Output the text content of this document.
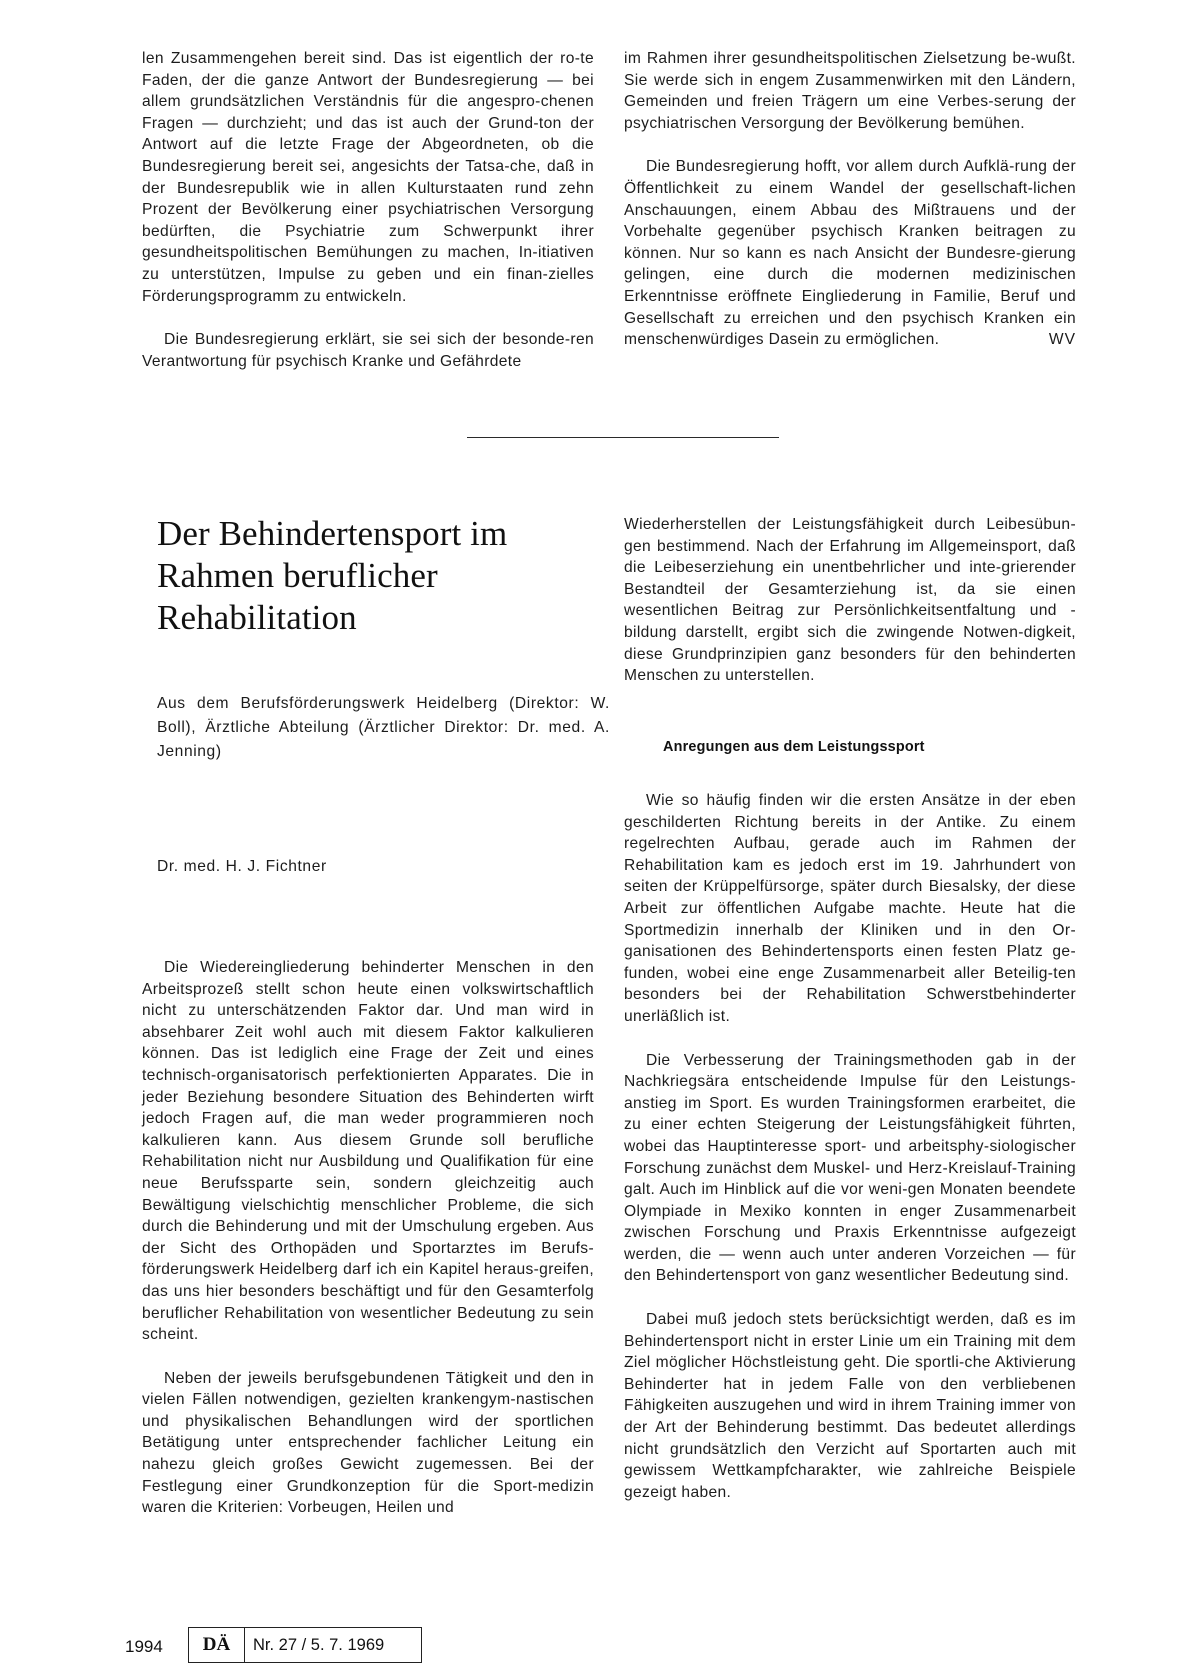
len Zusammengehen bereit sind. Das ist eigentlich der ro-te Faden, der die ganze Antwort der Bundesregierung — bei allem grundsätzlichen Verständnis für die angespro-chenen Fragen — durchzieht; und das ist auch der Grund-ton der Antwort auf die letzte Frage der Abgeordneten, ob die Bundesregierung bereit sei, angesichts der Tatsa-che, daß in der Bundesrepublik wie in allen Kulturstaaten rund zehn Prozent der Bevölkerung einer psychiatrischen Versorgung bedürften, die Psychiatrie zum Schwerpunkt ihrer gesundheitspolitischen Bemühungen zu machen, In-itiativen zu unterstützen, Impulse zu geben und ein finan-zielles Förderungsprogramm zu entwickeln.

Die Bundesregierung erklärt, sie sei sich der besonde-ren Verantwortung für psychisch Kranke und Gefährdete

im Rahmen ihrer gesundheitspolitischen Zielsetzung be-wußt. Sie werde sich in engem Zusammenwirken mit den Ländern, Gemeinden und freien Trägern um eine Verbes-serung der psychiatrischen Versorgung der Bevölkerung bemühen.

Die Bundesregierung hofft, vor allem durch Aufklä-rung der Öffentlichkeit zu einem Wandel der gesellschaft-lichen Anschauungen, einem Abbau des Mißtrauens und der Vorbehalte gegenüber psychisch Kranken beitragen zu können. Nur so kann es nach Ansicht der Bundesre-gierung gelingen, eine durch die modernen medizinischen Erkenntnisse eröffnete Eingliederung in Familie, Beruf und Gesellschaft zu erreichen und den psychisch Kranken ein menschenwürdiges Dasein zu ermöglichen.	WV

Der Behindertensport im Rahmen beruflicher Rehabilitation

Aus dem Berufsförderungswerk Heidelberg (Direktor: W. Boll), Ärztliche Abteilung (Ärztlicher Direktor: Dr. med. A. Jenning)

Dr. med. H. J. Fichtner

Die Wiedereingliederung behinderter Menschen in den Arbeitsprozeß stellt schon heute einen volkswirtschaftlich nicht zu unterschätzenden Faktor dar. Und man wird in absehbarer Zeit wohl auch mit diesem Faktor kalkulieren können. Das ist lediglich eine Frage der Zeit und eines technisch-organisatorisch perfektionierten Apparates. Die in jeder Beziehung besondere Situation des Behinderten wirft jedoch Fragen auf, die man weder programmieren noch kalkulieren kann. Aus diesem Grunde soll berufliche Rehabilitation nicht nur Ausbildung und Qualifikation für eine neue Berufssparte sein, sondern gleichzeitig auch Bewältigung vielschichtig menschlicher Probleme, die sich durch die Behinderung und mit der Umschulung ergeben. Aus der Sicht des Orthopäden und Sportarztes im Berufs-förderungswerk Heidelberg darf ich ein Kapitel heraus-greifen, das uns hier besonders beschäftigt und für den Gesamterfolg beruflicher Rehabilitation von wesentlicher Bedeutung zu sein scheint.

Neben der jeweils berufsgebundenen Tätigkeit und den in vielen Fällen notwendigen, gezielten krankengym-nastischen und physikalischen Behandlungen wird der sportlichen Betätigung unter entsprechender fachlicher Leitung ein nahezu gleich großes Gewicht zugemessen. Bei der Festlegung einer Grundkonzeption für die Sport-medizin waren die Kriterien: Vorbeugen, Heilen und

Wiederherstellen der Leistungsfähigkeit durch Leibesübun-gen bestimmend. Nach der Erfahrung im Allgemeinsport, daß die Leibeserziehung ein unentbehrlicher und inte-grierender Bestandteil der Gesamterziehung ist, da sie einen wesentlichen Beitrag zur Persönlichkeitsentfaltung und -bildung darstellt, ergibt sich die zwingende Notwen-digkeit, diese Grundprinzipien ganz besonders für den behinderten Menschen zu unterstellen.

Anregungen aus dem Leistungssport

Wie so häufig finden wir die ersten Ansätze in der eben geschilderten Richtung bereits in der Antike. Zu einem regelrechten Aufbau, gerade auch im Rahmen der Rehabilitation kam es jedoch erst im 19. Jahrhundert von seiten der Krüppelfürsorge, später durch Biesalsky, der diese Arbeit zur öffentlichen Aufgabe machte. Heute hat die Sportmedizin innerhalb der Kliniken und in den Or-ganisationen des Behindertensports einen festen Platz ge-funden, wobei eine enge Zusammenarbeit aller Beteilig-ten besonders bei der Rehabilitation Schwerstbehinderter unerläßlich ist.

Die Verbesserung der Trainingsmethoden gab in der Nachkriegsära entscheidende Impulse für den Leistungs-anstieg im Sport. Es wurden Trainingsformen erarbeitet, die zu einer echten Steigerung der Leistungsfähigkeit führten, wobei das Hauptinteresse sport- und arbeitsphy-siologischer Forschung zunächst dem Muskel- und Herz-Kreislauf-Training galt. Auch im Hinblick auf die vor weni-gen Monaten beendete Olympiade in Mexiko konnten in enger Zusammenarbeit zwischen Forschung und Praxis Erkenntnisse aufgezeigt werden, die — wenn auch unter anderen Vorzeichen — für den Behindertensport von ganz wesentlicher Bedeutung sind.

Dabei muß jedoch stets berücksichtigt werden, daß es im Behindertensport nicht in erster Linie um ein Training mit dem Ziel möglicher Höchstleistung geht. Die sportli-che Aktivierung Behinderter hat in jedem Falle von den verbliebenen Fähigkeiten auszugehen und wird in ihrem Training immer von der Art der Behinderung bestimmt. Das bedeutet allerdings nicht grundsätzlich den Verzicht auf Sportarten auch mit gewissem Wettkampfcharakter, wie zahlreiche Beispiele gezeigt haben.

1994	DÄ	Nr. 27 / 5. 7. 1969
